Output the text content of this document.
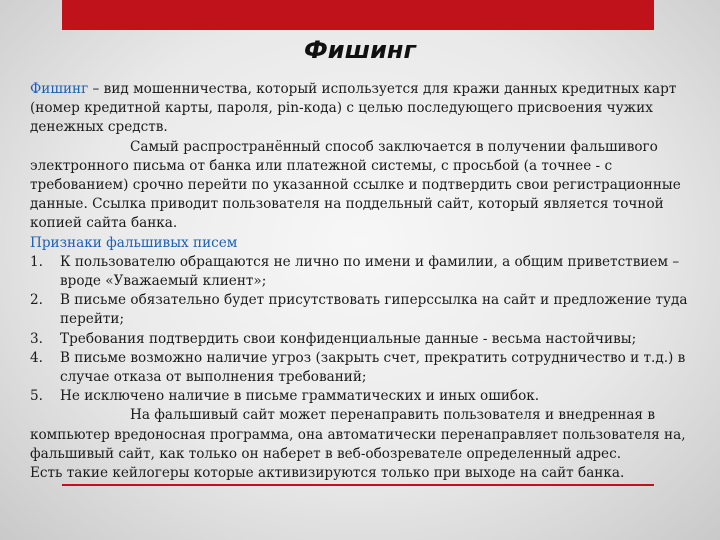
Фишинг

Фишинг – вид мошенничества, который используется для кражи данных кредитных карт (номер кредитной карты, пароля, pin-кода) с целью последующего присвоения чужих денежных средств.

Самый распространённый способ заключается в получении фальшивого электронного письма от банка или платежной системы, с просьбой (а точнее - с требованием) срочно перейти по указанной ссылке и подтвердить свои регистрационные данные. Ссылка приводит пользователя на поддельный сайт, который является точной копией сайта банка.

Признаки фальшивых писем

1.	К пользователю обращаются не лично по имени и фамилии, а общим приветствием – вроде «Уважаемый клиент»;
2.	В письме обязательно будет присутствовать гиперссылка на сайт и предложение туда перейти;
3.	Требования подтвердить свои конфиденциальные данные - весьма настойчивы;
4.	В письме возможно наличие угроз (закрыть счет, прекратить сотрудничество и т.д.) в случае отказа от выполнения требований;
5.	Не исключено наличие в письме грамматических и иных ошибок.

На фальшивый сайт может перенаправить пользователя и внедренная в компьютер вредоносная программа, она автоматически перенаправляет пользователя на, фальшивый сайт, как только он наберет в веб-обозревателе определенный адрес.

Есть такие кейлогеры которые активизируются только при выходе на сайт банка.
